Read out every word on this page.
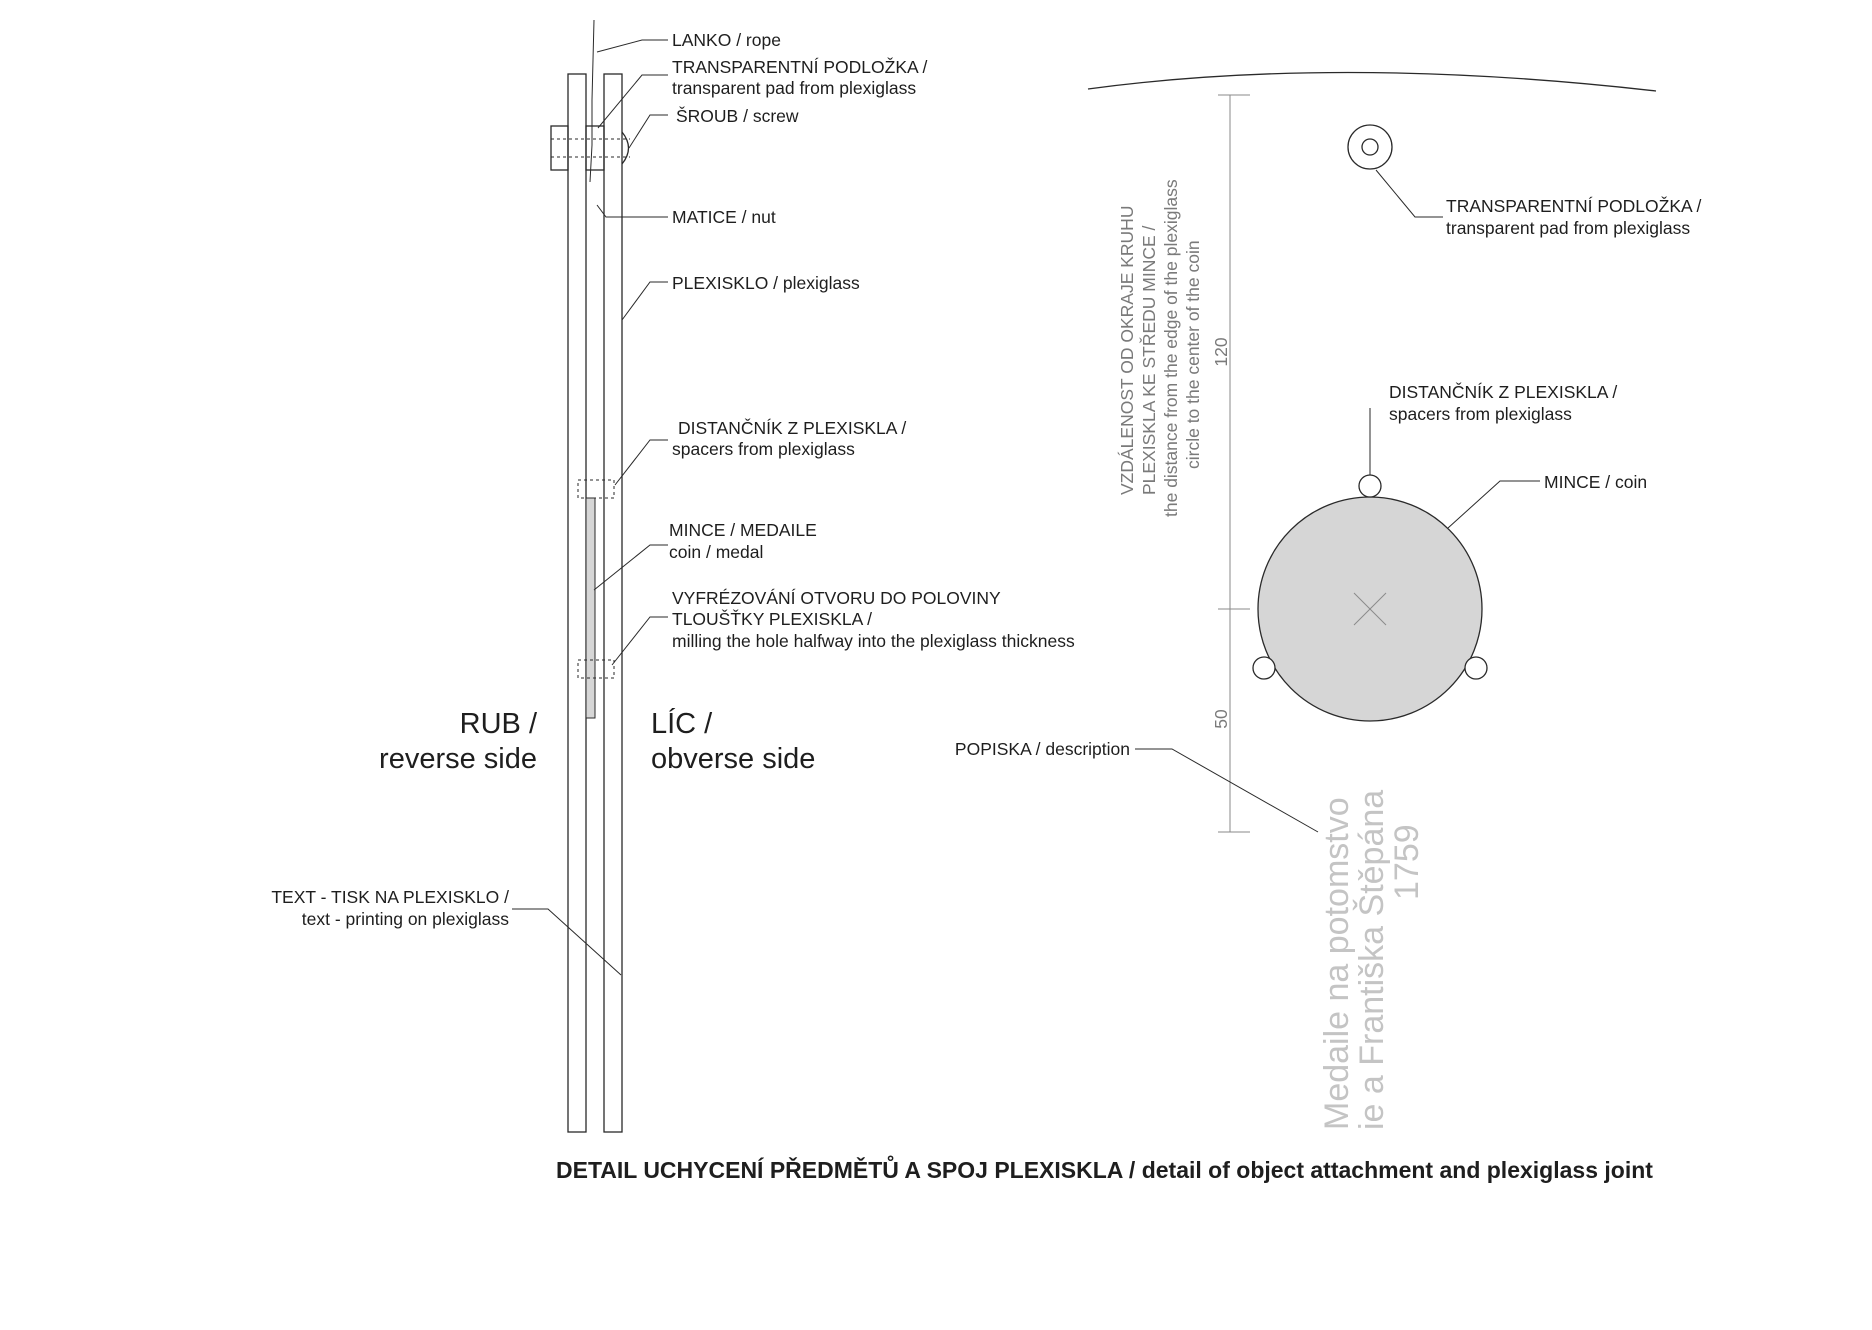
LANKO / rope
TRANSPARENTNÍ PODLOŽKA /
transparent pad from plexiglass
ŠROUB / screw
MATICE / nut
PLEXISKLO / plexiglass
DISTANČNÍK Z PLEXISKLA /
spacers from plexiglass
MINCE / MEDAILE
coin / medal
VYFRÉZOVÁNÍ OTVORU DO POLOVINY
TLOUŠŤKY PLEXISKLA /
milling the hole halfway into the plexiglass thickness
RUB /
reverse side
LÍC /
obverse side
TEXT - TISK NA PLEXISKLO /
text - printing on plexiglass
120
50
VZDÁLENOST OD OKRAJE KRUHU PLEXISKLA KE STŘEDU MINCE / the distance from the edge of the plexiglass circle to the center of the coin
TRANSPARENTNÍ PODLOŽKA /
transparent pad from plexiglass
DISTANČNÍK Z PLEXISKLA /
spacers from plexiglass
MINCE / coin
POPISKA / description
Medaile na potomstvo
ie a Františka Štěpána
1759
DETAIL UCHYCENÍ PŘEDMĚTŮ A SPOJ PLEXISKLA / detail of object attachment and plexiglass joint
